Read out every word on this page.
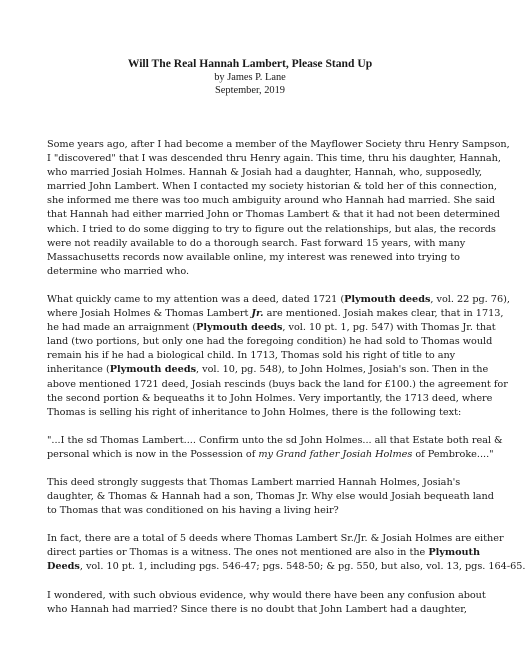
Will The Real Hannah Lambert, Please Stand Up

by James P. Lane

September, 2019

Some years ago, after I had become a member of the Mayflower Society thru Henry Sampson,
I "discovered" that I was descended thru Henry again. This time, thru his daughter, Hannah,
who married Josiah Holmes. Hannah & Josiah had a daughter, Hannah, who, supposedly,
married John Lambert. When I contacted my society historian & told her of this connection,
she informed me there was too much ambiguity around who Hannah had married. She said
that Hannah had either married John or Thomas Lambert & that it had not been determined
which. I tried to do some digging to try to figure out the relationships, but alas, the records
were not readily available to do a thorough search. Fast forward 15 years, with many
Massachusetts records now available online, my interest was renewed into trying to
determine who married who.

What quickly came to my attention was a deed, dated 1721 (Plymouth deeds, vol. 22 pg. 76),
where Josiah Holmes & Thomas Lambert Jr. are mentioned. Josiah makes clear, that in 1713,
he had made an arraignment (Plymouth deeds, vol. 10 pt. 1, pg. 547) with Thomas Jr. that
land (two portions, but only one had the foregoing condition) he had sold to Thomas would
remain his if he had a biological child. In 1713, Thomas sold his right of title to any
inheritance (Plymouth deeds, vol. 10, pg. 548), to John Holmes, Josiah's son. Then in the
above mentioned 1721 deed, Josiah rescinds (buys back the land for £100.) the agreement for
the second portion & bequeaths it to John Holmes. Very importantly, the 1713 deed, where
Thomas is selling his right of inheritance to John Holmes, there is the following text:

"...I the sd Thomas Lambert.... Confirm unto the sd John Holmes... all that Estate both real &
personal which is now in the Possession of my Grand father Josiah Holmes of Pembroke...."

This deed strongly suggests that Thomas Lambert married Hannah Holmes, Josiah's
daughter, & Thomas & Hannah had a son, Thomas Jr. Why else would Josiah bequeath land
to Thomas that was conditioned on his having a living heir?

In fact, there are a total of 5 deeds where Thomas Lambert Sr./Jr. & Josiah Holmes are either
direct parties or Thomas is a witness. The ones not mentioned are also in the Plymouth
Deeds, vol. 10 pt. 1, including pgs. 546-47; pgs. 548-50; & pg. 550, but also, vol. 13, pgs. 164-65.

I wondered, with such obvious evidence, why would there have been any confusion about
who Hannah had married? Since there is no doubt that John Lambert had a daughter,
